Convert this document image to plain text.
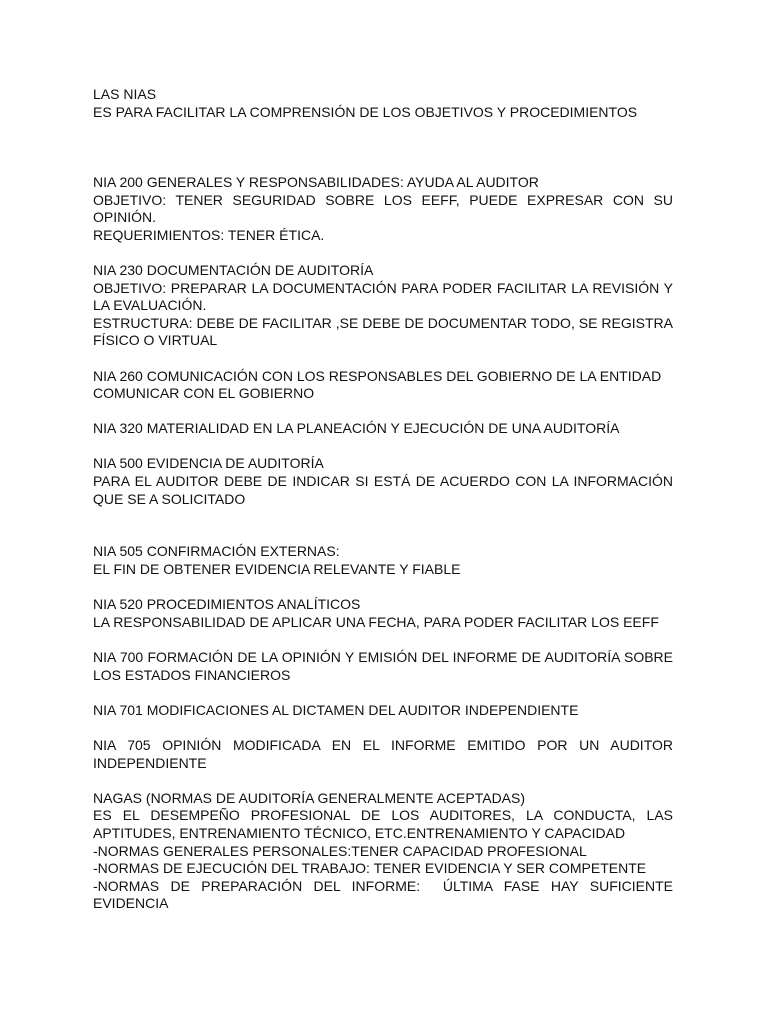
LAS NIAS

ES PARA FACILITAR LA COMPRENSIÓN DE LOS OBJETIVOS Y PROCEDIMIENTOS

NIA 200 GENERALES Y RESPONSABILIDADES: AYUDA AL AUDITOR

OBJETIVO: TENER SEGURIDAD SOBRE LOS EEFF, PUEDE EXPRESAR CON SU OPINIÓN.

REQUERIMIENTOS: TENER ÉTICA.

NIA 230 DOCUMENTACIÓN DE AUDITORÍA

OBJETIVO: PREPARAR LA DOCUMENTACIÓN PARA PODER FACILITAR LA REVISIÓN Y LA EVALUACIÓN.

ESTRUCTURA: DEBE DE FACILITAR ,SE DEBE DE DOCUMENTAR TODO, SE REGISTRA FÍSICO O VIRTUAL

NIA 260 COMUNICACIÓN CON LOS RESPONSABLES DEL GOBIERNO DE LA ENTIDAD

COMUNICAR CON EL GOBIERNO

NIA 320 MATERIALIDAD EN LA PLANEACIÓN Y EJECUCIÓN DE UNA AUDITORÍA

NIA 500 EVIDENCIA DE AUDITORÍA

PARA EL AUDITOR DEBE DE INDICAR SI ESTÁ DE ACUERDO CON LA INFORMACIÓN QUE SE A SOLICITADO

NIA 505 CONFIRMACIÓN EXTERNAS:

EL FIN DE OBTENER EVIDENCIA RELEVANTE Y FIABLE

NIA 520 PROCEDIMIENTOS ANALÍTICOS

LA RESPONSABILIDAD DE APLICAR UNA FECHA, PARA PODER FACILITAR LOS EEFF

NIA 700 FORMACIÓN DE LA OPINIÓN Y EMISIÓN DEL INFORME DE AUDITORÍA SOBRE LOS ESTADOS FINANCIEROS

NIA 701 MODIFICACIONES AL DICTAMEN DEL AUDITOR INDEPENDIENTE

NIA 705 OPINIÓN MODIFICADA EN EL INFORME EMITIDO POR UN AUDITOR INDEPENDIENTE

NAGAS (NORMAS DE AUDITORÍA GENERALMENTE ACEPTADAS)

ES EL DESEMPEÑO PROFESIONAL DE LOS AUDITORES, LA CONDUCTA, LAS APTITUDES, ENTRENAMIENTO TÉCNICO, ETC.ENTRENAMIENTO Y CAPACIDAD

-NORMAS GENERALES PERSONALES:TENER CAPACIDAD PROFESIONAL

-NORMAS DE EJECUCIÓN DEL TRABAJO: TENER EVIDENCIA Y SER COMPETENTE

-NORMAS DE PREPARACIÓN DEL INFORME:  ÚLTIMA FASE HAY SUFICIENTE EVIDENCIA
